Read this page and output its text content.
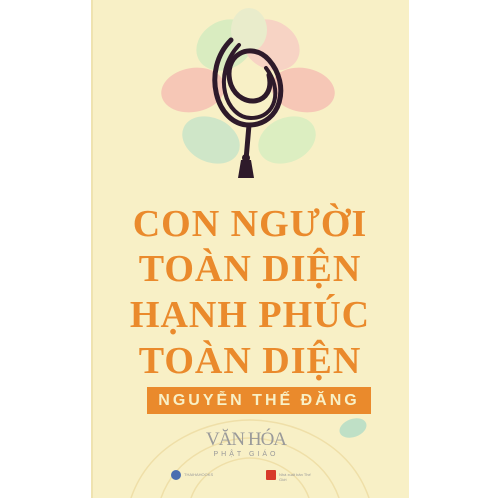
CON NGƯỜI
TOÀN DIỆN
HẠNH PHÚC
TOÀN DIỆN
NGUYỄN THẾ ĐĂNG
VĂN HÓA
PHẬT GIÁO
THAIHAHOOKS	Nhà xuất bản Thế Giới
